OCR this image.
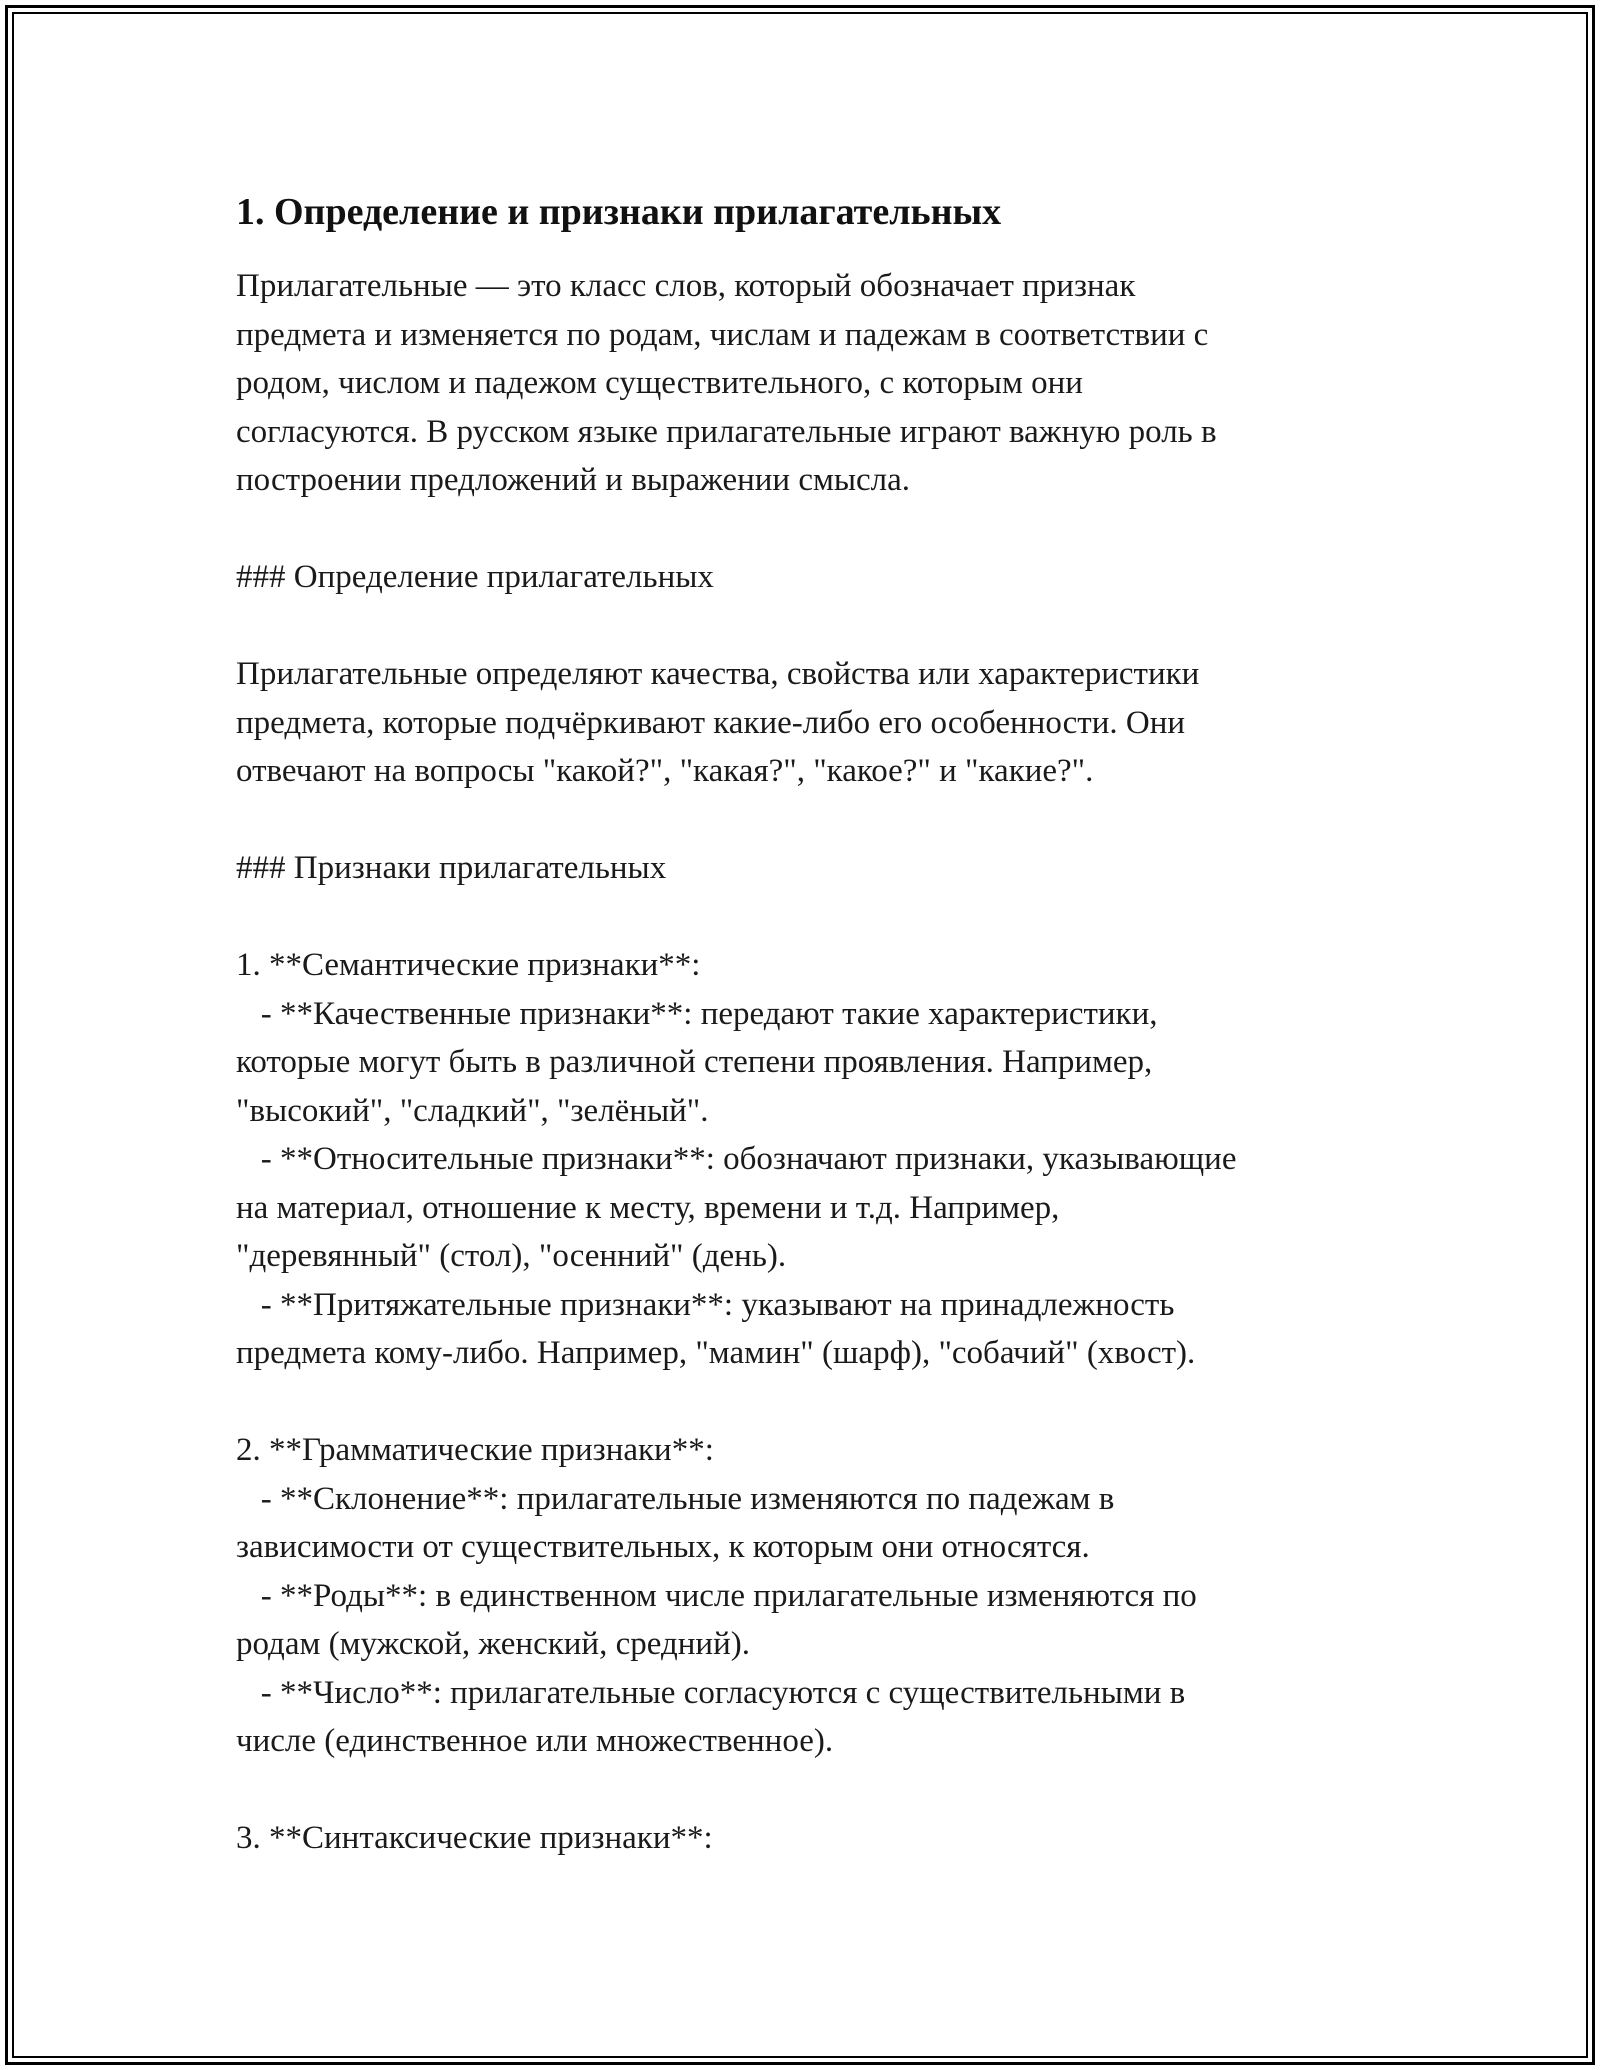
1. Определение и признаки прилагательных

Прилагательные — это класс слов, который обозначает признак
предмета и изменяется по родам, числам и падежам в соответствии с
родом, числом и падежом существительного, с которым они
согласуются. В русском языке прилагательные играют важную роль в
построении предложений и выражении смысла.

### Определение прилагательных

Прилагательные определяют качества, свойства или характеристики
предмета, которые подчёркивают какие-либо его особенности. Они
отвечают на вопросы "какой?", "какая?", "какое?" и "какие?".

### Признаки прилагательных

1. **Семантические признаки**:
- **Качественные признаки**: передают такие характеристики,
которые могут быть в различной степени проявления. Например,
"высокий", "сладкий", "зелёный".
- **Относительные признаки**: обозначают признаки, указывающие
на материал, отношение к месту, времени и т.д. Например,
"деревянный" (стол), "осенний" (день).
- **Притяжательные признаки**: указывают на принадлежность
предмета кому-либо. Например, "мамин" (шарф), "собачий" (хвост).

2. **Грамматические признаки**:
- **Склонение**: прилагательные изменяются по падежам в
зависимости от существительных, к которым они относятся.
- **Роды**: в единственном числе прилагательные изменяются по
родам (мужской, женский, средний).
- **Число**: прилагательные согласуются с существительными в
числе (единственное или множественное).

3. **Синтаксические признаки**:
